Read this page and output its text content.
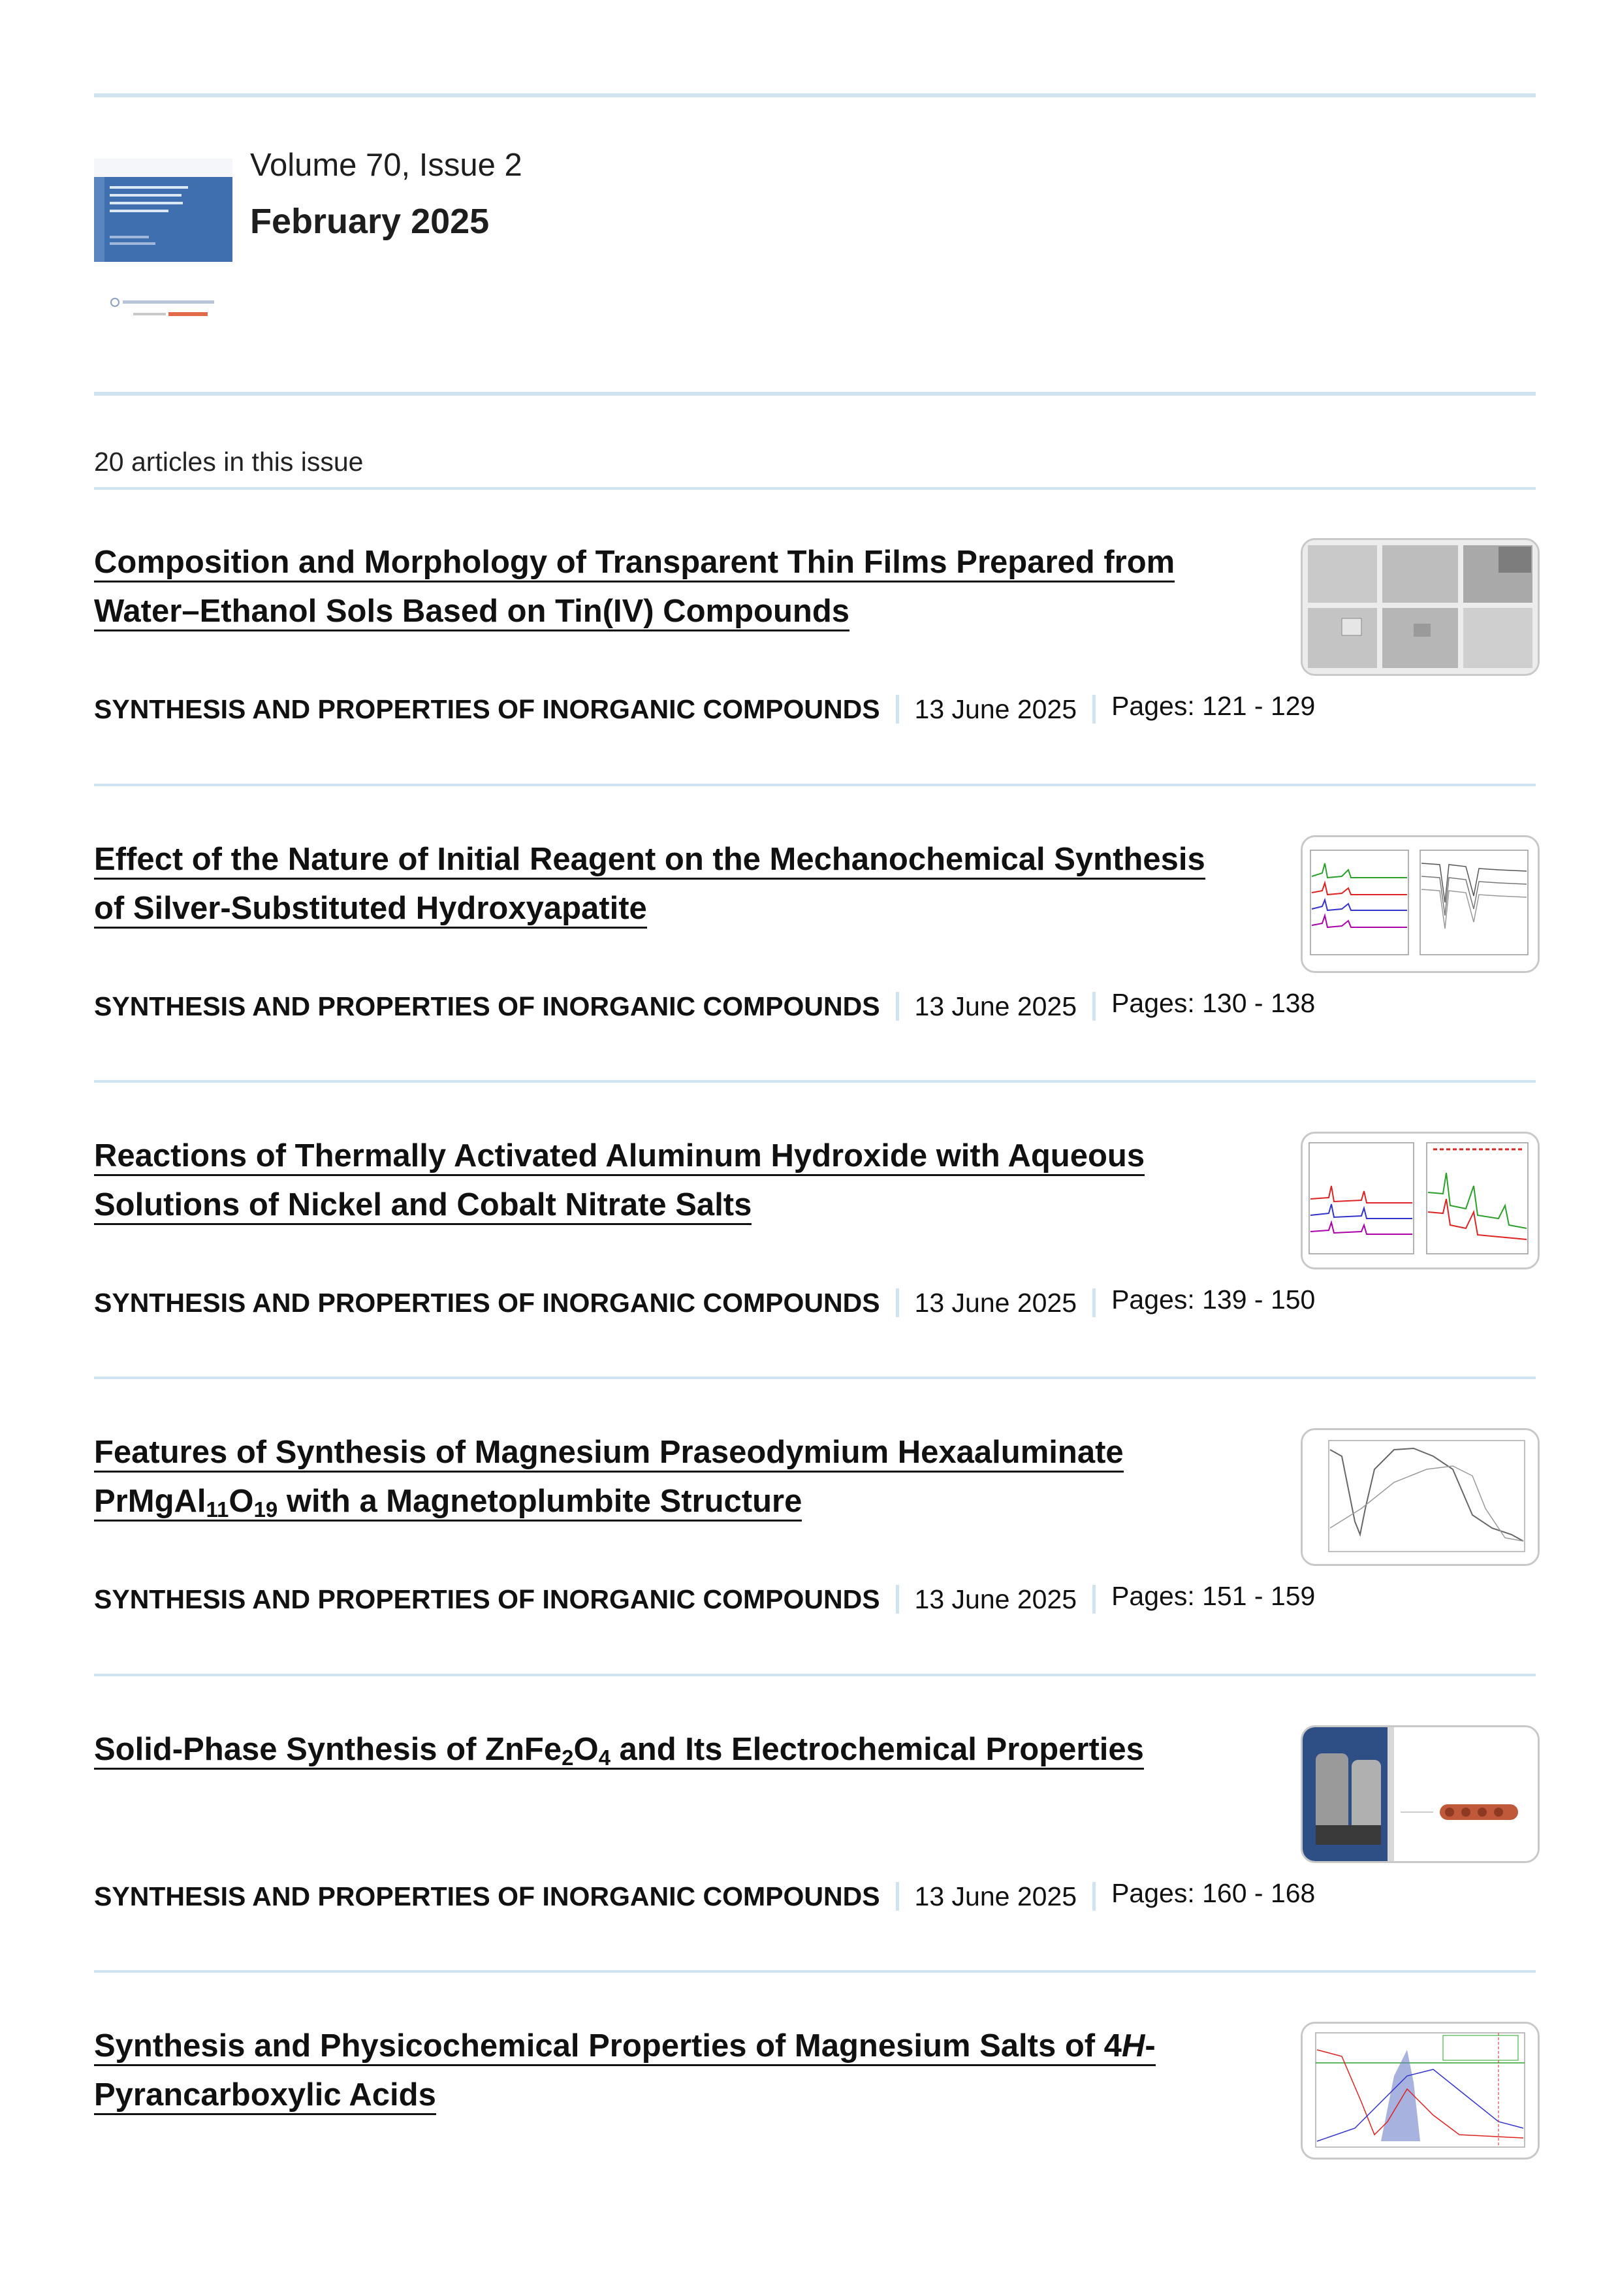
Volume 70, Issue 2
February 2025
20 articles in this issue
Composition and Morphology of Transparent Thin Films Prepared from
Water–Ethanol Sols Based on Tin(IV) Compounds
SYNTHESIS AND PROPERTIES OF INORGANIC COMPOUNDS 13 June 2025 Pages: 121 - 129
Effect of the Nature of Initial Reagent on the Mechanochemical Synthesis
of Silver-Substituted Hydroxyapatite
SYNTHESIS AND PROPERTIES OF INORGANIC COMPOUNDS 13 June 2025 Pages: 130 - 138
Reactions of Thermally Activated Aluminum Hydroxide with Aqueous
Solutions of Nickel and Cobalt Nitrate Salts
SYNTHESIS AND PROPERTIES OF INORGANIC COMPOUNDS 13 June 2025 Pages: 139 - 150
Features of Synthesis of Magnesium Praseodymium Hexaaluminate
$PrMgAl_{11}O_{19}$ with a Magnetoplumbite Structure
SYNTHESIS AND PROPERTIES OF INORGANIC COMPOUNDS 13 June 2025 Pages: 151 - 159
Solid-Phase Synthesis of $ZnFe_2O_4$ and Its Electrochemical Properties
SYNTHESIS AND PROPERTIES OF INORGANIC COMPOUNDS 13 June 2025 Pages: 160 - 168
Synthesis and Physicochemical Properties of Magnesium Salts of 4H-
Pyrancarboxylic Acids
